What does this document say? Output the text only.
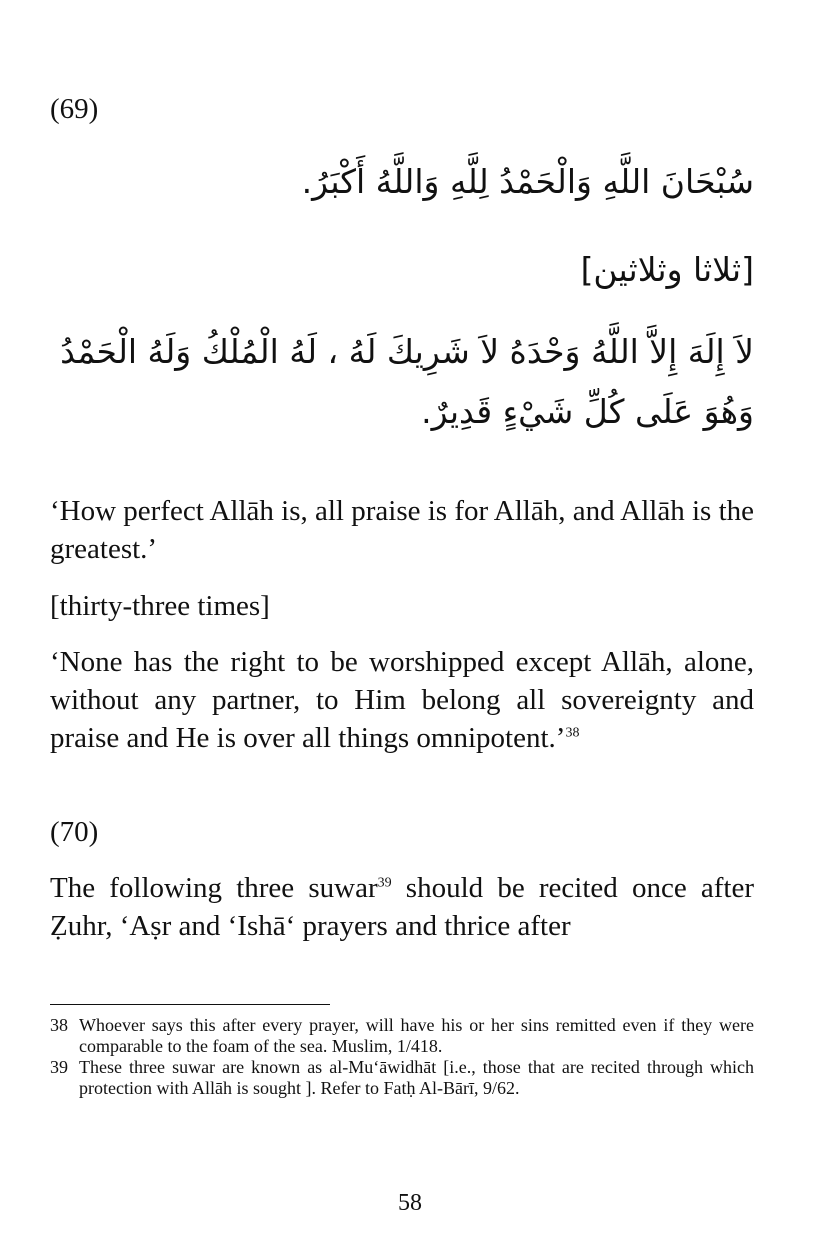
(69)
سُبْحَانَ اللَّهِ وَالْحَمْدُ لِلَّهِ وَاللَّهُ أَكْبَرُ.
[ثلاثا وثلاثين]
لاَ إِلَهَ إِلاَّ اللَّهُ وَحْدَهُ لاَ شَرِيكَ لَهُ ، لَهُ الْمُلْكُ وَلَهُ الْحَمْدُ
وَهُوَ عَلَى كُلِّ شَيْءٍ قَدِيرٌ.
‘How perfect Allāh is, all praise is for Allāh, and Allāh is the greatest.’
[thirty-three times]
‘None has the right to be worshipped except Allāh, alone, without any partner, to Him belong all sovereignty and praise and He is over all things omnipotent.’$^{38}$
(70)
The following three suwar$^{39}$ should be recited once after Ẓuhr, ‘Aṣr and ‘Ishā‘ prayers and thrice after
38 Whoever says this after every prayer, will have his or her sins remitted even if they were comparable to the foam of the sea. Muslim, 1/418.
39 These three suwar are known as al-Mu‘āwidhāt [i.e., those that are recited through which protection with Allāh is sought ]. Refer to Fatḥ Al-Bārī, 9/62.
58
